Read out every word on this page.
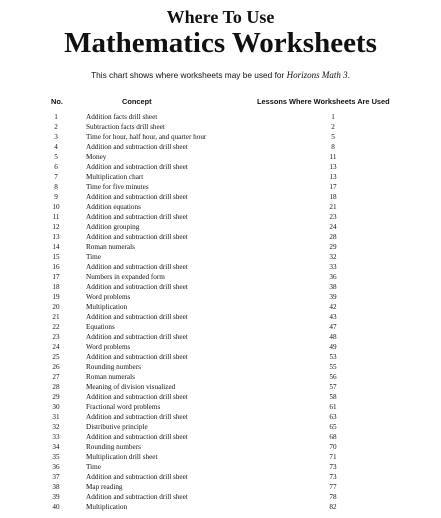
Where To Use
Mathematics Worksheets
This chart shows where worksheets may be used for Horizons Math 3.
No.	Concept	Lessons Where Worksheets Are Used
1	Addition facts drill sheet	1
2	Subtraction facts drill sheet	2
3	Time for hour, half hour, and quarter hour	5
4	Addition and subtraction drill sheet	8
5	Money	11
6	Addition and subtraction drill sheet	13
7	Multiplication chart	13
8	Time for five minutes	17
9	Addition and subtraction drill sheet	18
10	Addition equations	21
11	Addition and subtraction drill sheet	23
12	Addition grouping	24
13	Addition and subtraction drill sheet	28
14	Roman numerals	29
15	Time	32
16	Addition and subtraction drill sheet	33
17	Numbers in expanded form	36
18	Addition and subtraction drill sheet	38
19	Word problems	39
20	Multiplication	42
21	Addition and subtraction drill sheet	43
22	Equations	47
23	Addition and subtraction drill sheet	48
24	Word problems	49
25	Addition and subtraction drill sheet	53
26	Rounding numbers	55
27	Roman numerals	56
28	Meaning of division visualized	57
29	Addition and subtraction drill sheet	58
30	Fractional word problems	61
31	Addition and subtraction drill sheet	63
32	Distributive principle	65
33	Addition and subtraction drill sheet	68
34	Rounding numbers	70
35	Multiplication drill sheet	71
36	Time	73
37	Addition and subtraction drill sheet	73
38	Map reading	77
39	Addition and subtraction drill sheet	78
40	Multiplication	82
